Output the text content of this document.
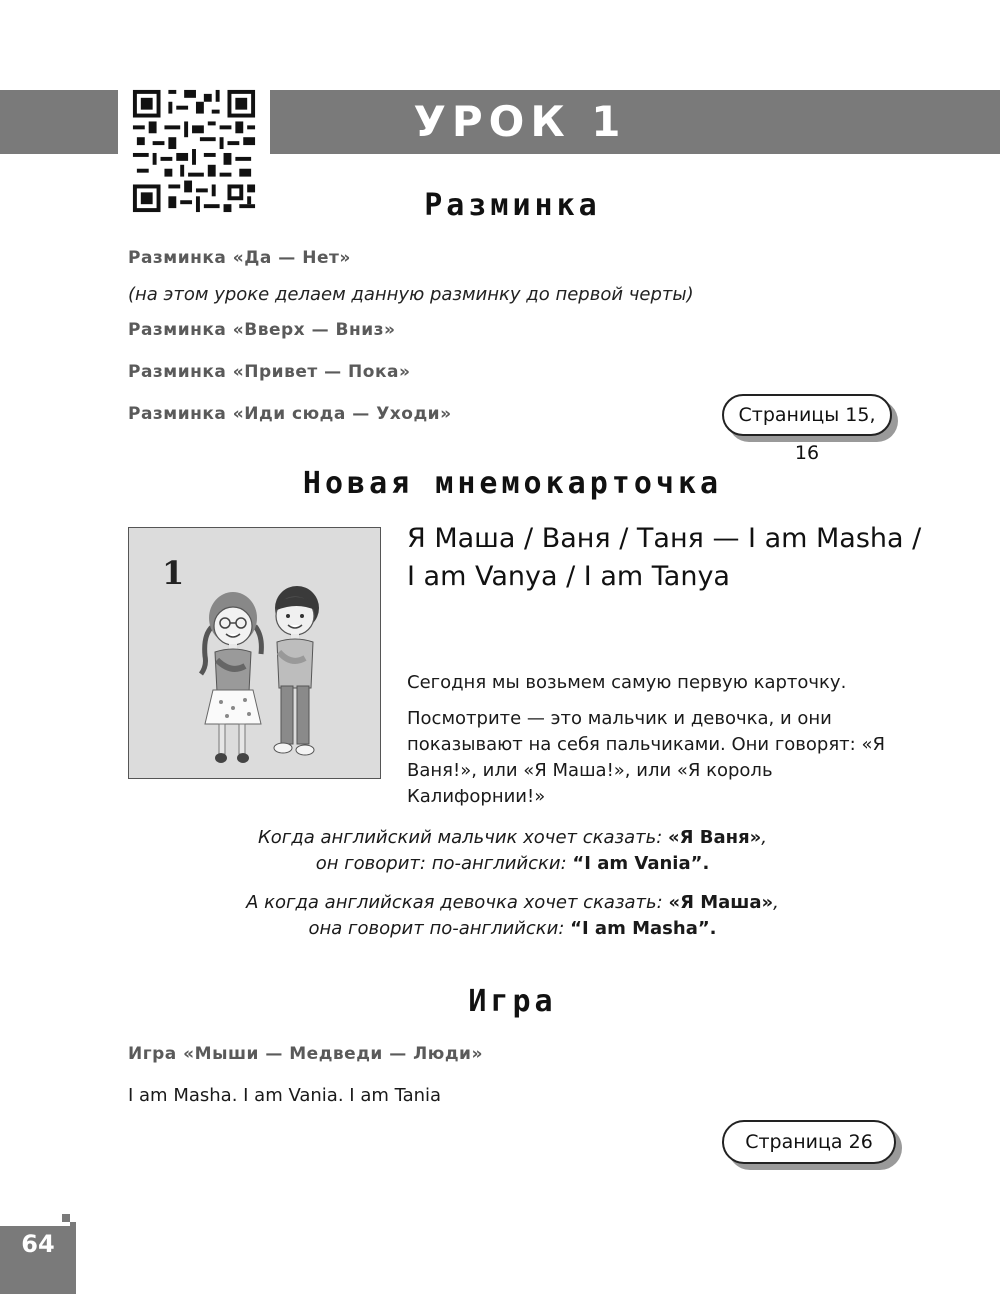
УРОК 1
Разминка
Разминка «Да — Нет»
(на этом уроке делаем данную разминку до первой черты)
Разминка «Вверх — Вниз»
Разминка «Привет — Пока»
Разминка «Иди сюда — Уходи»	Страницы 15, 16
Новая мнемокарточка
1
Я Маша / Ваня / Таня — I am Masha / I am Vanya / I am Tanya
Сегодня мы возьмем самую первую карточку.
Посмотрите — это мальчик и девочка, и они показывают на себя пальчиками. Они говорят: «Я Ваня!», или «Я Маша!», или «Я король Калифорнии!»
Когда английский мальчик хочет сказать: «Я Ваня»,
он говорит: по-английски: “I am Vania”.
А когда английская девочка хочет сказать: «Я Маша»,
она говорит по-английски: “I am Masha”.
Игра
Игра «Мыши — Медведи — Люди»
I am Masha. I am Vania. I am Tania
Страница 26
64
